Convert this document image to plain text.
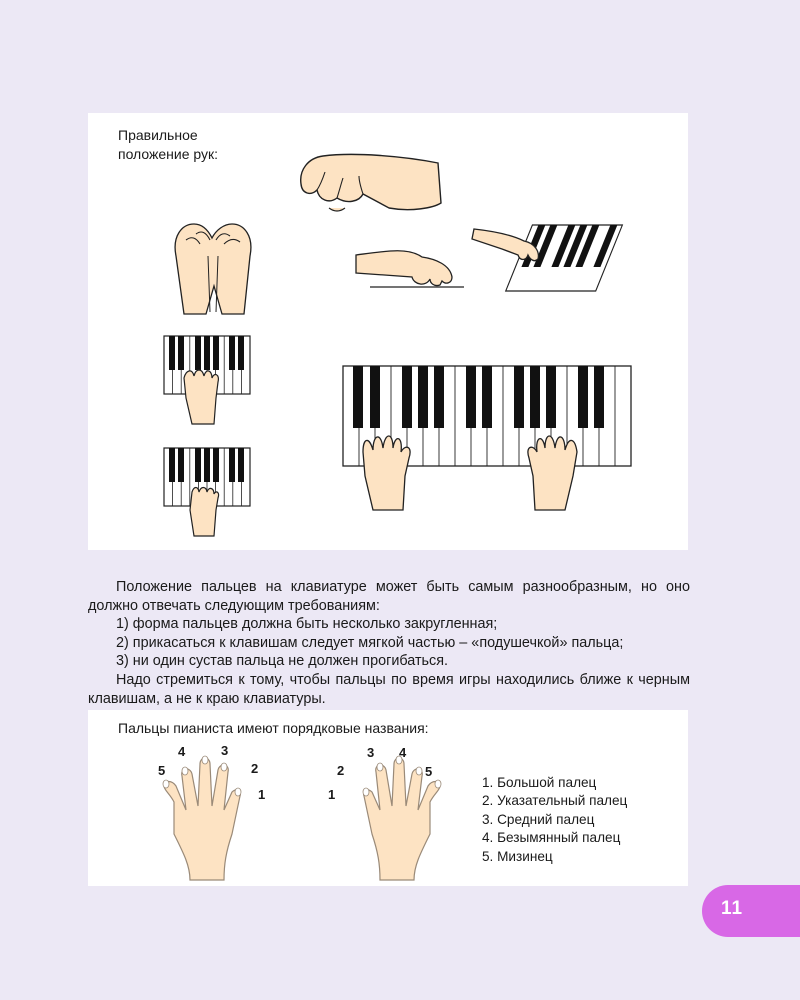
Правильное
положение рук:

Положение пальцев на клавиатуре может быть самым разнообразным, но оно должно отвечать следующим требованиям:

1) форма пальцев должна быть несколько закругленная;

2) прикасаться к клавишам следует мягкой частью – «подушечкой» пальца;

3) ни один сустав пальца не должен прогибаться.

Надо стремиться к тому, чтобы пальцы по время игры находились ближе к черным клавишам, а не к краю клавиатуры.

Пальцы пианиста имеют порядковые названия:
5
4	3
2
1	1
2
3 4
5
1. Большой палец
2. Указательный палец
3. Средний палец
4. Безымянный палец
5. Мизинец
11
